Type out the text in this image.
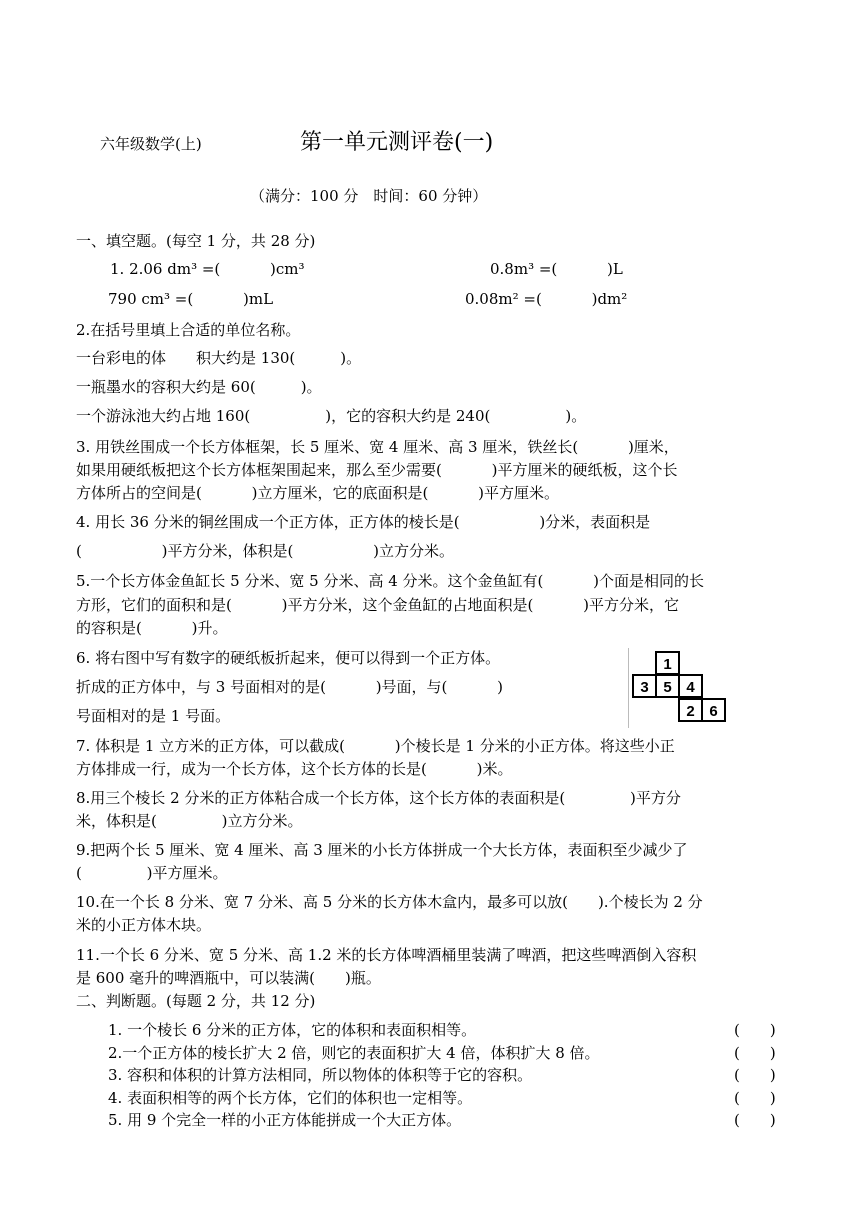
六年级数学(上)	第一单元测评卷(一)
（满分：100 分　时间：60 分钟）
一、填空题。(每空 1 分，共 28 分)
1. 2.06 dm³ =(　　　 )cm³	0.8m³ =(　　　 )L
790 cm³ =(　　　 )mL	0.08m² =(　　　 )dm²
2.在括号里填上合适的单位名称。
一台彩电的体　　积大约是 130(　　　)。
一瓶墨水的容积大约是 60(　　　)。
一个游泳池大约占地 160(　　　　　)，它的容积大约是 240(　　　　　)。
3. 用铁丝围成一个长方体框架，长 5 厘米、宽 4 厘米、高 3 厘米，铁丝长(　　　 )厘米，
如果用硬纸板把这个长方体框架围起来，那么至少需要(　　　 )平方厘米的硬纸板，这个长
方体所占的空间是(　　　 )立方厘米，它的底面积是(　　　 )平方厘米。
4. 用长 36 分米的铜丝围成一个正方体，正方体的棱长是(　　　　　 )分米，表面积是
(　　　　　 )平方分米，体积是(　　　　　 )立方分米。
5.一个长方体金鱼缸长 5 分米、宽 5 分米、高 4 分米。这个金鱼缸有(　　　 )个面是相同的长
方形，它们的面积和是(　　　 )平方分米，这个金鱼缸的占地面积是(　　　 )平方分米，它
的容积是(　　　 )升。
6. 将右图中写有数字的硬纸板折起来，便可以得到一个正方体。
折成的正方体中，与 3 号面相对的是(　　　 )号面，与(　　　 )
号面相对的是 1 号面。
1
3 5 4
2 6
7. 体积是 1 立方米的正方体，可以截成(　　　 )个棱长是 1 分米的小正方体。将这些小正
方体排成一行，成为一个长方体，这个长方体的长是(　　　 )米。
8.用三个棱长 2 分米的正方体粘合成一个长方体，这个长方体的表面积是(　　　　 )平方分
米，体积是(　　　　 )立方分米。
9.把两个长 5 厘米、宽 4 厘米、高 3 厘米的小长方体拼成一个大长方体，表面积至少减少了
(　　　　 )平方厘米。
10.在一个长 8 分米、宽 7 分米、高 5 分米的长方体木盒内，最多可以放(　　).个棱长为 2 分
米的小正方体木块。
11.一个长 6 分米、宽 5 分米、高 1.2 米的长方体啤酒桶里装满了啤酒，把这些啤酒倒入容积
是 600 毫升的啤酒瓶中，可以装满(　　)瓶。
二、判断题。(每题 2 分，共 12 分)
1. 一个棱长 6 分米的正方体，它的体积和表面积相等。	(　　)
2.一个正方体的棱长扩大 2 倍，则它的表面积扩大 4 倍，体积扩大 8 倍。	(　　)
3. 容积和体积的计算方法相同，所以物体的体积等于它的容积。	(　　)
4. 表面积相等的两个长方体，它们的体积也一定相等。	(　　)
5. 用 9 个完全一样的小正方体能拼成一个大正方体。	(　　)
